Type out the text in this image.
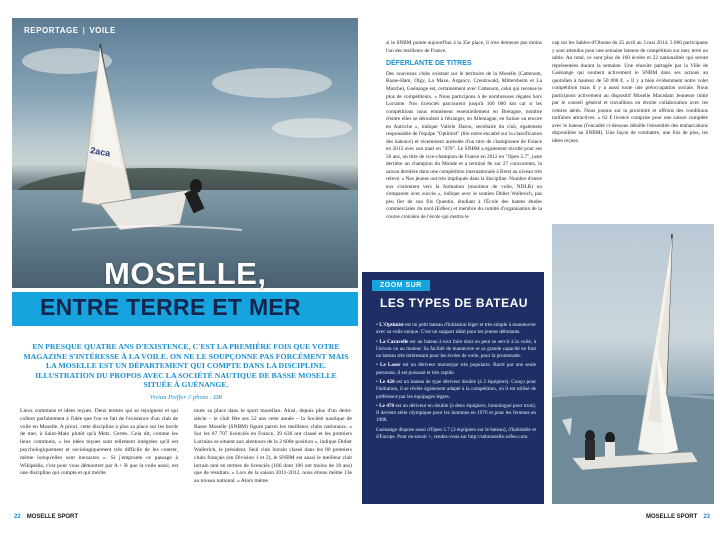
2aca
REPORTAGE | VOILE
MOSELLE,
ENTRE TERRE ET MER
EN PRESQUE QUATRE ANS D'EXISTENCE, C'EST LA PREMIÈRE FOIS QUE VOTRE MAGAZINE S'INTÉRESSE À LA VOILE. ON NE LE SOUPÇONNE PAS FORCÉMENT MAIS LA MOSELLE EST UN DÉPARTEMENT QUI COMPTE DANS LA DISCIPLINE. ILLUSTRATION DU PROPOS AVEC LA SOCIÉTÉ NAUTIQUE DE BASSE MOSELLE SITUÉE À GUÉNANGE.
Vivian Peiffer // photo : DR
Lieux communs et idées reçues. Deux termes qui se rejoignent et qui collent parfaitement à l'idée que l'on se fait de l'existence d'un club de voile en Moselle. A priori, cette discipline a plus sa place sur les bords de mer, à Saint-Malo plutôt qu'à Metz. Certes. Cela dit, comme les lieux communs, « les idées reçues sont tellement intégrées qu'il est psychologiquement et sociologiquement très difficile de les contrer, même lorsqu'elles sont inexactes ». Si j'emprunte ce passage à Wikipédia, c'est pour vous démontrer par A + B que la voile aussi, est une discipline qui compte et qui mérite
toute sa place dans le sport mosellan. Ainsi, depuis plus d'un demi-siècle – le club fête ses 52 ans cette année – la Société nautique de Basse Moselle (SNBM) figure parmi les meilleurs clubs nationaux. « Sur les 87 707 licenciés en France, 39 636 ont classé et les premiers Lorrains se situent aux alentours de la 2 600e position », indique Didier Wallerich, le président. Seul club lorrain classé dans les 80 premiers clubs français (en Division 1 et 2), le SNBM est aussi le meilleur club lorrain tant en termes de licenciés (166 dont 106 ont moins de 18 ans) que de résultats. « Lors de la saison 2011-2012, nous étions même 13e au niveau national. » Alors même
22 MOSELLE SPORT
si le SNBM pointe aujourd'hui à la 35e place, il n'en demeure pas moins l'un des meilleurs de France.
DÉFERLANTE DE TITRES
Des nouveaux clubs existant sur le territoire de la Moselle (Cattenom, Basse-Ham, Olgy, La Maxe, Argancy, Creutzwald, Mittersheim et La Mutche), Guénange est, certainement avec Cattenom, celui qui recense le plus de compétiteurs. « Nous participons à de nombreuses régates hors Lorraine. Nos licenciés parcourent jusqu'à 100 000 km car si les compétitions nous emmènent essentiellement en Bretagne, nombre d'entre elles se déroulent à l'étranger, en Allemagne, en Suisse ou encore en Autriche », indique Valérie Darou, secrétaire du club, également responsable de l'équipe "Optimist" (lire notre encadré sur la classification des bateaux) et récemment auréolée d'un titre de championne de France en 2013 avec son mari en "470". Le SNBM a également récolté pour ses 50 ans, un titre de vice-champion de France en 2012 en "Open 5.7", juste derrière un champion du Monde et a terminé 8e sur 27 concurrents, la saison dernière dans une compétition internationale à Brest au niveau très relevé. « Nos jeunes ont très impliqués dans la discipline. Nombre d'entre eux s'orientent vers la formation (moniteur de voile, NDLR) ou s'emparent avec succès », indique avec le soutien Didier Wallerich, pas peu fier de son fils Quentin, étudiant à l'École des hautes études commerciales du nord (Edhec) et membre du comité d'organisation de la course croisière de l'école qui mettra le
cap sur les Sables-d'Olonne du 25 avril au 3 mai 2014. 3 000 participants y sont attendus pour une semaine intense de compétition sur mer, terre ou sable. Au total, ce sont plus de 160 écoles et 22 nationalités qui seront représentées durant la semaine. Une réussite partagée par la Ville de Guénange qui soutient activement le SNBM dans ses actions au quotidien à hauteur de 50 000 €. « Il y a bien évidemment notre volet compétition mais il y a aussi toute une préoccupation sociale. Nous participons activement au dispositif Moselle Macadam Jeunesse initié par le conseil général et travaillons en étroite collaboration avec les centres aérés. Nous jouons sur la proximité et offrons des conditions tarifaires attractives. » 62 € licence comprise pour une saison complète avec le bateau (l'encadré ci-dessous détaille l'ensemble des embarcations disponibles au SNBM). Une façon de combattre, une fois de plus, les idées reçues.
ZOOM SUR
LES TYPES DE BATEAU

• L'Optimist est un petit bateau d'initiation léger et très simple à manœuvrer avec sa voile unique. C'est un support idéal pour les jeunes débutants.

• La Caravelle est un bateau à tout faire dont on peut se servir à la voile, à l'aviron ou au moteur. Sa facilité de manœuvre et sa grande capacité en font un bateau très intéressant pour les écoles de voile, pour la promenade.

• Le Laser est un dériveur monotype très populaire. Barré par une seule personne, il est puissant et très rapide.

• Le 420 est un bateau de type dériveur double (à 2 équipiers). Conçu pour l'initiation, il se révèle également adapté à la compétition, où il est utilisé de préférence par les équipages légers.

• Le 470 est un dériveur en double (à deux équipiers, homologué pour trois). Il devient série olympique pour les hommes en 1976 et pour les femmes en 1988.

Guénange dispose aussi d'Open 5.7 (3 équipiers sur le bateau), d'habitable et d'Europe. Pour en savoir +, rendez-vous sur http://snbmoselle.wifeo.com.

MOSELLE SPORT 23
